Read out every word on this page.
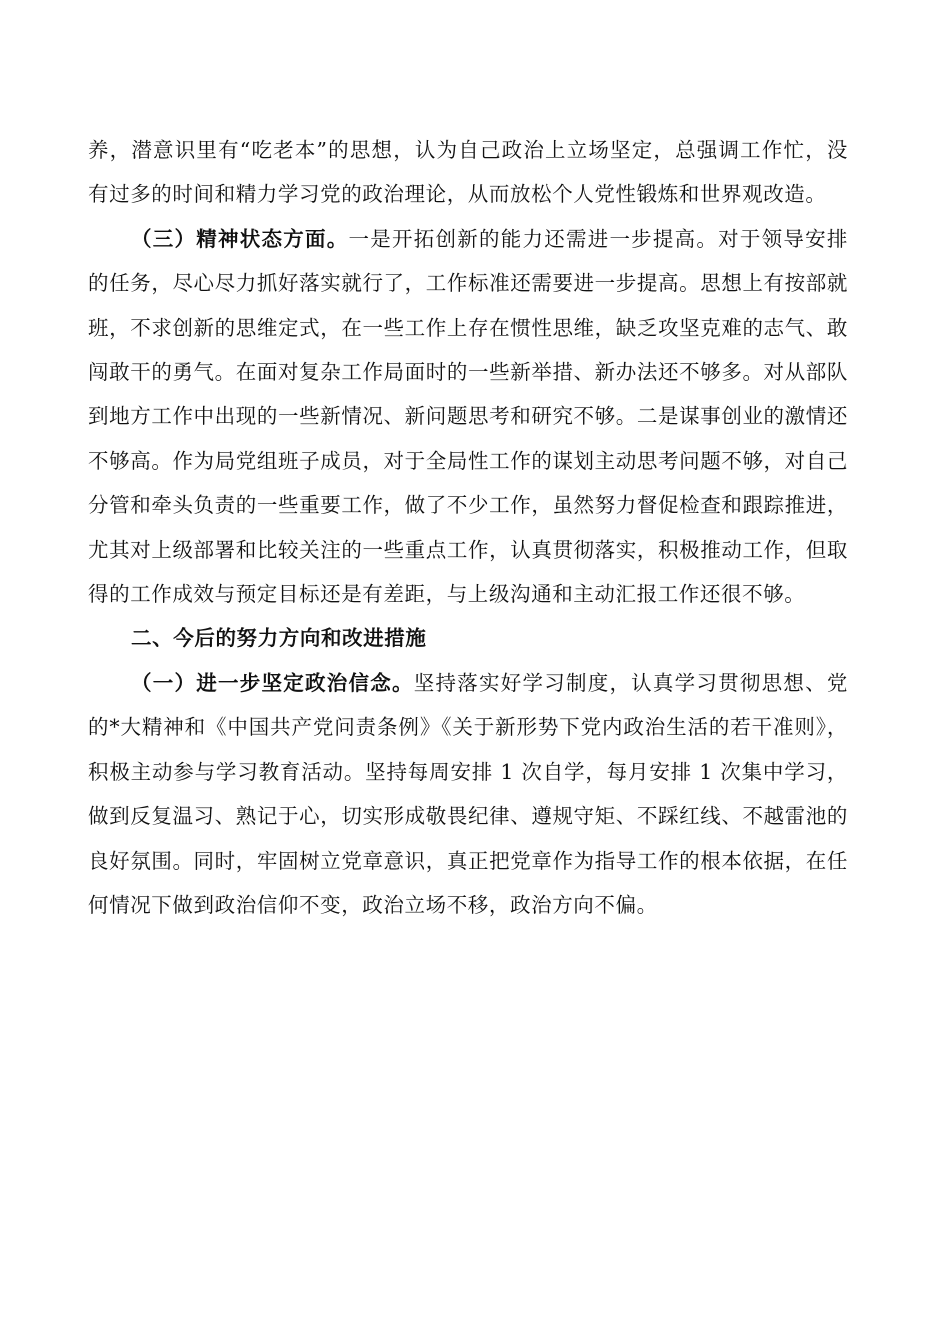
养，潜意识里有“吃老本”的思想，认为自己政治上立场坚定，总强调工作忙，没有过多的时间和精力学习党的政治理论，从而放松个人党性锻炼和世界观改造。

（三）精神状态方面。一是开拓创新的能力还需进一步提高。对于领导安排的任务，尽心尽力抓好落实就行了，工作标准还需要进一步提高。思想上有按部就班，不求创新的思维定式，在一些工作上存在惯性思维，缺乏攻坚克难的志气、敢闯敢干的勇气。在面对复杂工作局面时的一些新举措、新办法还不够多。对从部队到地方工作中出现的一些新情况、新问题思考和研究不够。二是谋事创业的激情还不够高。作为局党组班子成员，对于全局性工作的谋划主动思考问题不够，对自己分管和牵头负责的一些重要工作，做了不少工作，虽然努力督促检查和跟踪推进，尤其对上级部署和比较关注的一些重点工作，认真贯彻落实，积极推动工作，但取得的工作成效与预定目标还是有差距，与上级沟通和主动汇报工作还很不够。

二、今后的努力方向和改进措施

（一）进一步坚定政治信念。坚持落实好学习制度，认真学习贯彻思想、党的*大精神和《中国共产党问责条例》《关于新形势下党内政治生活的若干准则》，积极主动参与学习教育活动。坚持每周安排 1 次自学，每月安排 1 次集中学习，做到反复温习、熟记于心，切实形成敬畏纪律、遵规守矩、不踩红线、不越雷池的良好氛围。同时，牢固树立党章意识，真正把党章作为指导工作的根本依据，在任何情况下做到政治信仰不变，政治立场不移，政治方向不偏。
